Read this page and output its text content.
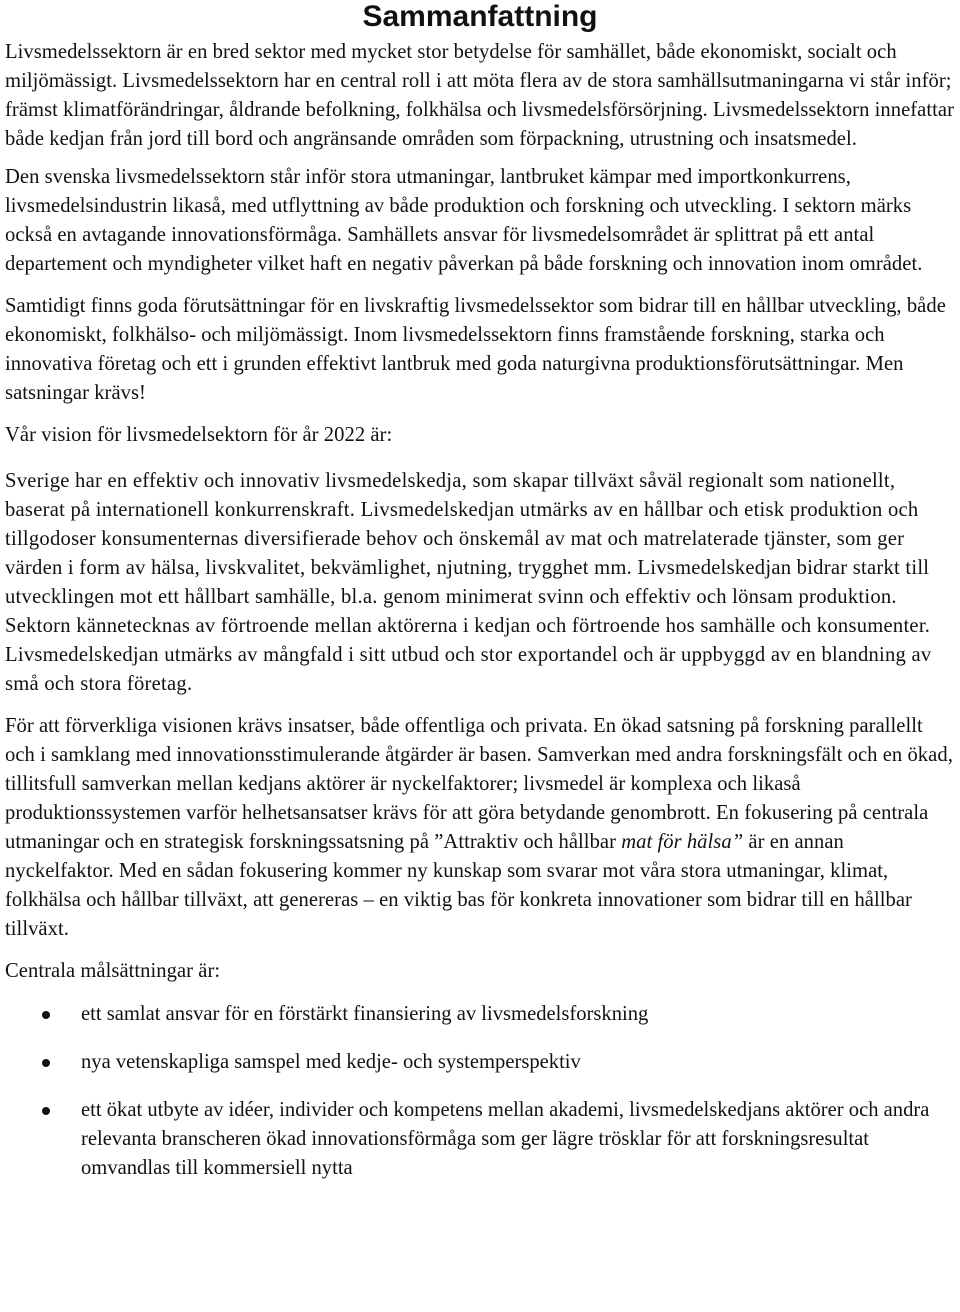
Sammanfattning

Livsmedelssektorn är en bred sektor med mycket stor betydelse för samhället, både ekonomiskt, socialt och miljömässigt. Livsmedelssektorn har en central roll i att möta flera av de stora samhällsutmaningarna vi står inför; främst klimatförändringar, åldrande befolkning, folkhälsa och livsmedelsförsörjning. Livsmedelssektorn innefattar både kedjan från jord till bord och angränsande områden som förpackning, utrustning och insatsmedel.

Den svenska livsmedelssektorn står inför stora utmaningar, lantbruket kämpar med importkonkurrens, livsmedelsindustrin likaså, med utflyttning av både produktion och forskning och utveckling. I sektorn märks också en avtagande innovationsförmåga. Samhällets ansvar för livsmedelsområdet är splittrat på ett antal departement och myndigheter vilket haft en negativ påverkan på både forskning och innovation inom området.

Samtidigt finns goda förutsättningar för en livskraftig livsmedelssektor som bidrar till en hållbar utveckling, både ekonomiskt, folkhälso- och miljömässigt. Inom livsmedelssektorn finns framstående forskning, starka och innovativa företag och ett i grunden effektivt lantbruk med goda naturgivna produktionsförutsättningar. Men satsningar krävs!

Vår vision för livsmedelsektorn för år 2022 är:

Sverige har en effektiv och innovativ livsmedelskedja, som skapar tillväxt såväl regionalt som nationellt, baserat på internationell konkurrenskraft. Livsmedelskedjan utmärks av en hållbar och etisk produktion och tillgodoser konsumenternas diversifierade behov och önskemål av mat och matrelaterade tjänster, som ger värden i form av hälsa, livskvalitet, bekvämlighet, njutning, trygghet mm. Livsmedelskedjan bidrar starkt till utvecklingen mot ett hållbart samhälle, bl.a. genom minimerat svinn och effektiv och lönsam produktion. Sektorn kännetecknas av förtroende mellan aktörerna i kedjan och förtroende hos samhälle och konsumenter. Livsmedelskedjan utmärks av mångfald i sitt utbud och stor exportandel och är uppbyggd av en blandning av små och stora företag.

För att förverkliga visionen krävs insatser, både offentliga och privata. En ökad satsning på forskning parallellt och i samklang med innovationsstimulerande åtgärder är basen. Samverkan med andra forskningsfält och en ökad, tillitsfull samverkan mellan kedjans aktörer är nyckelfaktorer; livsmedel är komplexa och likaså produktionssystemen varför helhetsansatser krävs för att göra betydande genombrott. En fokusering på centrala utmaningar och en strategisk forskningssatsning på ”Attraktiv och hållbar mat för hälsa” är en annan nyckelfaktor. Med en sådan fokusering kommer ny kunskap som svarar mot våra stora utmaningar, klimat, folkhälsa och hållbar tillväxt, att genereras – en viktig bas för konkreta innovationer som bidrar till en hållbar tillväxt.

Centrala målsättningar är:

ett samlat ansvar för en förstärkt finansiering av livsmedelsforskning
nya vetenskapliga samspel med kedje- och systemperspektiv
ett ökat utbyte av idéer, individer och kompetens mellan akademi, livsmedelskedjans aktörer och andra relevanta branscheren ökad innovationsförmåga som ger lägre trösklar för att forskningsresultat omvandlas till kommersiell nytta
